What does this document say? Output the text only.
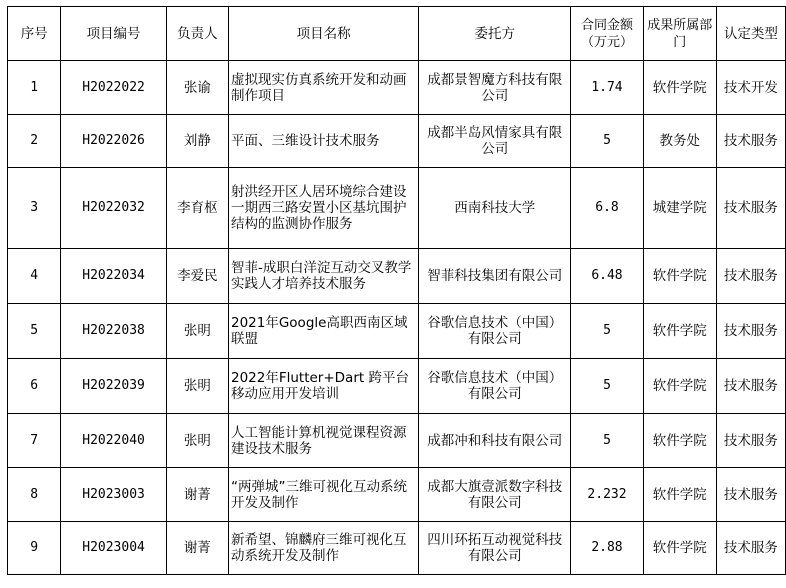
序号	项目编号	负责人	项目名称	委托方	合同金额（万元）	成果所属部门	认定类型
1	H2022022	张谕	虚拟现实仿真系统开发和动画制作项目	成都景智魔方科技有限公司	1.74	软件学院	技术开发
2	H2022026	刘静	平面、三维设计技术服务	成都半岛风情家具有限公司	5	教务处	技术服务
3	H2022032	李育枢	射洪经开区人居环境综合建设一期西三路安置小区基坑围护结构的监测协作服务	西南科技大学	6.8	城建学院	技术服务
4	H2022034	李爱民	智菲-成职白洋淀互动交叉教学实践人才培养技术服务	智菲科技集团有限公司	6.48	软件学院	技术服务
5	H2022038	张明	2021年Google高职西南区域联盟	谷歌信息技术（中国）有限公司	5	软件学院	技术服务
6	H2022039	张明	2022年Flutter+Dart 跨平台移动应用开发培训	谷歌信息技术（中国）有限公司	5	软件学院	技术服务
7	H2022040	张明	人工智能计算机视觉课程资源建设技术服务	成都冲和科技有限公司	5	软件学院	技术服务
8	H2023003	谢菁	“两弹城”三维可视化互动系统开发及制作	成都大旗壹派数字科技有限公司	2.232	软件学院	技术服务
9	H2023004	谢菁	新希望、锦麟府三维可视化互动系统开发及制作	四川环拓互动视觉科技有限公司	2.88	软件学院	技术服务
